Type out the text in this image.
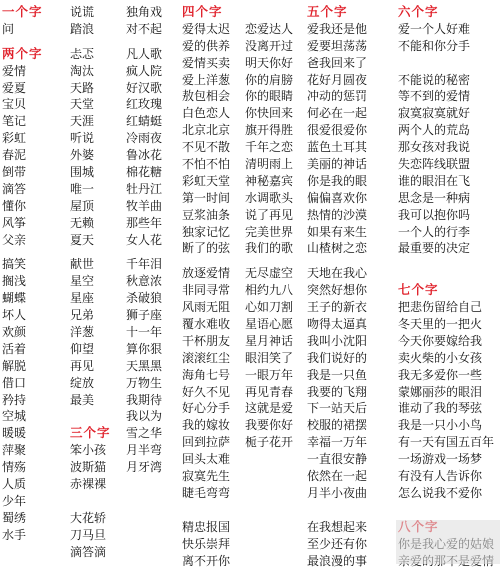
一个字
问
两个字
爱情
爱夏
宝贝
笔记
彩虹
春泥
倒带
滴答
懂你
风筝
父亲
搞笑
搁浅
蝴蝶
坏人
欢颜
活着
解脱
借口
矜持
空城
暖暖
萍聚
情殇
人质
少年
蜀绣
水手
说谎
踏浪
忐忑
淘汰
天路
天堂
天涯
听说
外婆
围城
唯一
屋顶
无赖
夏天
献世
星空
星座
兄弟
洋葱
仰望
再见
绽放
最美
三个字
笨小孩
波斯猫
赤裸裸
大花轿
刀马旦
滴答滴
独角戏
对不起
凡人歌
疯人院
好汉歌
红玫瑰
红蜻蜓
冷雨夜
鲁冰花
棉花糖
牡丹江
牧羊曲
那些年
女人花
千年泪
秋意浓
杀破狼
狮子座
十一年
算你狠
天黑黑
万物生
我期待
我以为
雪之华
月半弯
月牙湾
四个字
爱得太迟
爱的供养
爱情买卖
爱上洋葱
敖包相会
白色恋人
北京北京
不见不散
不怕不怕
彩虹天堂
第一时间
豆浆油条
独家记忆
断了的弦
放逐爱情
非同寻常
风雨无阻
覆水难收
干杯朋友
滚滚红尘
海角七号
好久不见
好心分手
我的嫁妆
回到拉萨
回头太难
寂寞先生
睫毛弯弯
精忠报国
快乐崇拜
离不开你
恋爱达人
没离开过
明天你好
你的肩膀
你的眼睛
你快回来
旗开得胜
千年之恋
清明雨上
神秘嘉宾
水调歌头
说了再见
完美世界
我们的歌
无尽虚空
相约九八
心如刀割
星语心愿
星月神话
眼泪笑了
一眼万年
再见青春
这就是爱
我要你好
栀子花开
五个字
爱我还是他
爱要坦荡荡
爸我回来了
花好月圆夜
冲动的惩罚
何必在一起
很爱很爱你
蓝色土耳其
美丽的神话
你是我的眼
偏偏喜欢你
热情的沙漠
如果有来生
山楂树之恋
天地在我心
突然好想你
王子的新衣
吻得太逼真
我叫小沈阳
我们说好的
我是一只鱼
我要的飞翔
下一站天后
校服的裙摆
幸福一万年
一直很安静
依然在一起
月半小夜曲
在我想起来
至少还有你
最浪漫的事
六个字
爱一个人好难
不能和你分手
不能说的秘密
等不到的爱情
寂寞寂寞就好
两个人的荒岛
那女孩对我说
失恋阵线联盟
谁的眼泪在飞
思念是一种病
我可以抱你吗
一个人的行李
最重要的决定
七个字
把悲伤留给自己
冬天里的一把火
今天你要嫁给我
卖火柴的小女孩
我无多爱你一些
蒙娜丽莎的眼泪
谁动了我的琴弦
我是一只小小鸟
有一天有国五百年
一场游戏一场梦
有没有人告诉你
怎么说我不爱你
